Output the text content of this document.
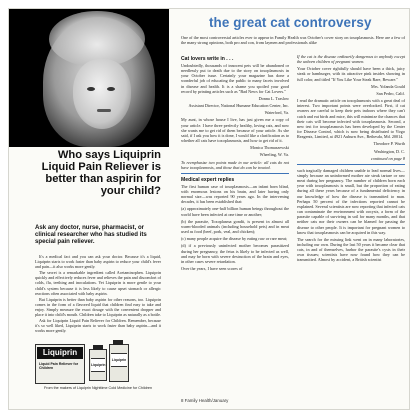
Who says Liquiprin Liquid Pain Reliever is better than aspirin for your child?
Ask any doctor, nurse, pharmacist, or clinical researcher who has studied its special pain reliever.

It's a medical fact and you can ask your doctor. Because it's a liquid, Liquiprin starts to work faster than baby aspirin to reduce your child's fever and pain—it also works more gently.

The secret is a remarkable ingredient called Acetaminophen. Liquiprin quickly and effectively reduces fever and relieves the pain and discomfort of colds, flu, teething and inoculations. Yet Liquiprin is more gentle to your child's system because it is less likely to cause upset stomach or allergic reactions often associated with baby aspirin.

But Liquiprin is better than baby aspirin for other reasons, too. Liquiprin comes in the form of a flavored liquid that children find easy to take and enjoy. Simply measure the exact dosage with the convenient dropper and place it into child's mouth. Children take to Liquiprin as naturally as a bottle.

Ask for Liquiprin Liquid Pain Reliever for Children. Remember, because it's so well liked, Liquiprin starts to work faster than baby aspirin—and it works more gently.

Liquiprin
Liquid Pain Reliever for Children
Liquiprin
Liquiprin
From the makers of Liquiprin Nighttime Cold Medicine for Children
the great cat controversy
One of the most controversial articles ever to appear in Family Health was October's cover story on toxoplasmosis. Here are a few of the many strong opinions, both pro and con, from laymen and professionals alike
Cat lovers write in . . .

Undoubtedly, thousands of innocent pets will be abandoned or needlessly put to death due to the story on toxoplasmosis in your October issue. Certainly your magazine has done a wonderful job of educating the public to many facets involved in disease and health. It is a shame you spoiled your good record by printing articles such as "Bad News for Cat Lovers."

Donna L. Traslow
Assistant Director, National Humane Education Center, Inc.
Waterford, Va.

My aunt, in whose house I live, has just given me a copy of your article. I have three perfectly healthy, loving cats, and now she wants me to get rid of them because of your article. As she said, if I ask you how it is done, I would like a clarification as to whether all cats have toxoplasmosis, and how to get rid of it.

Monica Thomaszewski
Wheeling, W. Va.

To reemphasize two points made in our article: all cats do not have toxoplasmosis, and those that do can be treated.

Medical expert replies

The first human case of toxoplasmosis—an infant born blind, with enormous lesions on his brain, and later having only normal size—was reported 90 years ago. In the intervening decades, it has been established that:

(a) approximately one-half billion human beings throughout the world have been infected at one time or another;

(b) the parasite, Toxoplasma gondii, is present in almost all warm-blooded animals (including household pets) and in meat used as food (beef, pork, veal, and chicken);

(c) many people acquire the disease by eating raw or rare meat;

(d) if a previously uninfected mother becomes parasitized during her pregnancy, the fetus is likely to be infected as well, and may be born with severe destruction of the brain and eyes, in other cases severe retardation.

Over the years, I have seen scores of

If the cat is the disease ordinarily dangerous to anybody except the unborn children of pregnant women.

Your October cover rightfully should have been a thick, juicy steak or hamburger, with its attractive pink insides showing in full color, and titled "If You Like Your Steak Rare, Beware."

Mrs. Yolanda Gould
San Pedro, Calif.

I read the dramatic article on toxoplasmosis with a great deal of interest. Two important points were overlooked. First, if cat owners are careful to keep their pets indoors where they can't catch and eat birds and mice, this will minimize the chances that their cats will become infected with toxoplasmosis. Second, a new test for toxoplasmosis has been developed by the Center for Disease Control, which is now being distributed to Virgo Reagents, Limited, at 4921 Auburn Ave., Bethesda, Md. 20014.

Theodore P. Wurth
Washington, D. C.
continued on page 8

such tragically damaged children unable to lead normal lives—simply because an uninformed mother ate steak tartare or raw meat during her pregnancy. The number of children born each year with toxoplasmosis is small, but the proportion of eating during all these years because of a fundamental deficiency in our knowledge of how the disease is transmitted to man. Perhaps 50 percent of the infections reported cannot be explained. Several scientists are now reporting that infected cats can contaminate the environment with oocysts, a form of the parasite capable of surviving in soil for many months, and that neither cats nor their owners can be blamed for passing the disease to other people. It is important for pregnant women to know that toxoplasmosis can be acquired in this way.

The search for the missing link went on in many laboratories, including our own. During the last 50 years it became clear that cats, in and of themselves, harbor the parasite's cysts in their own tissues; scientists have now found how they can be transmitted. Almost by accident, a British scientist

8 Family Health/January
